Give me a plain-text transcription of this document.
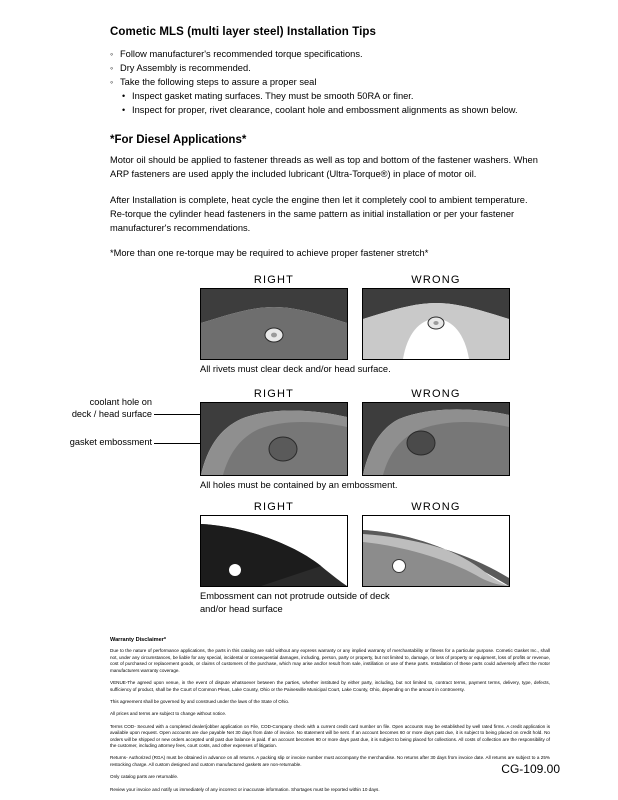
Cometic MLS (multi layer steel) Installation Tips
◦ Follow manufacturer's recommended torque specifications.
◦ Dry Assembly is recommended.
◦ Take the following steps to assure a proper seal
• Inspect gasket mating surfaces. They must be smooth 50RA or finer.
• Inspect for proper, rivet clearance, coolant hole and embossment alignments as shown below.
*For Diesel Applications*

Motor oil should be applied to fastener threads as well as top and bottom of the fastener washers. When ARP fasteners are used apply the included lubricant (Ultra-Torque®) in place of motor oil.

After Installation is complete, heat cycle the engine then let it completely cool to ambient temperature. Re-torque the cylinder head fasteners in the same pattern as initial installation or per your fastener manufacturer's recommendations.

*More than one re-torque may be required to achieve proper fastener stretch*

RIGHT	WRONG
All rivets must clear deck and/or head surface.
coolant hole on
deck / head surface
gasket embossment
RIGHT	WRONG
All holes must be contained by an embossment.
RIGHT	WRONG
Embossment can not protrude outside of deck
and/or head surface
Warranty Disclaimer*

Due to the nature of performance applications, the parts in this catalog are sold without any express warranty or any implied warranty of merchantability or fitness for a particular purpose. Cometic Gasket Inc., shall not, under any circumstances, be liable for any special, incidental or consequential damages, including, person, party or property, but not limited to, damage, or loss of property or equipment, loss of profits or revenue, cost of purchased or replacement goods, or claims of customers of the purchase, which may arise and/or result from sale, instillation or use of these parts. Installation of these parts could adversely affect the motor manufacturers warranty coverage.

VENUE-The agreed upon venue, in the event of dispute whatsoever between the parties, whether instituted by either party, including, but not limited to, contract terms, payment terms, delivery, type, defects, sufficiency of product, shall be the Court of Common Pleas, Lake County, Ohio or the Painesville Municipal Court, Lake County, Ohio, depending on the amount in controversy.

This agreement shall be governed by and construed under the laws of the State of Ohio.

All prices and terms are subject to change without notice.

Terms COD- Secured with a completed dealer/jobber application on File, COD-Company check with a current credit card number on file. Open accounts may be established by well rated firms. A credit application is available upon request. Open accounts are due payable Net 30 days from date of invoice. No statement will be sent. If an account becomes 60 or more days past due, it is subject to being placed on credit hold. No orders will be shipped or new orders accepted until past due balance is paid. If an account becomes 90 or more days past due, it is subject to being placed for collections. All costs of collection are the responsibility of the customer, including attorney fees, court costs, and other expenses of litigation.

Returns- Authorized (RGA) must be obtained in advance on all returns. A packing slip or invoice number must accompany the merchandise. No returns after 30 days from invoice date. All returns are subject to a 25% restocking charge. All custom designed and custom manufactured gaskets are non-returnable.

Only catalog parts are returnable.

Review your invoice and notify us immediately of any incorrect or inaccurate information. Shortages must be reported within 10 days.

CG-109.00
